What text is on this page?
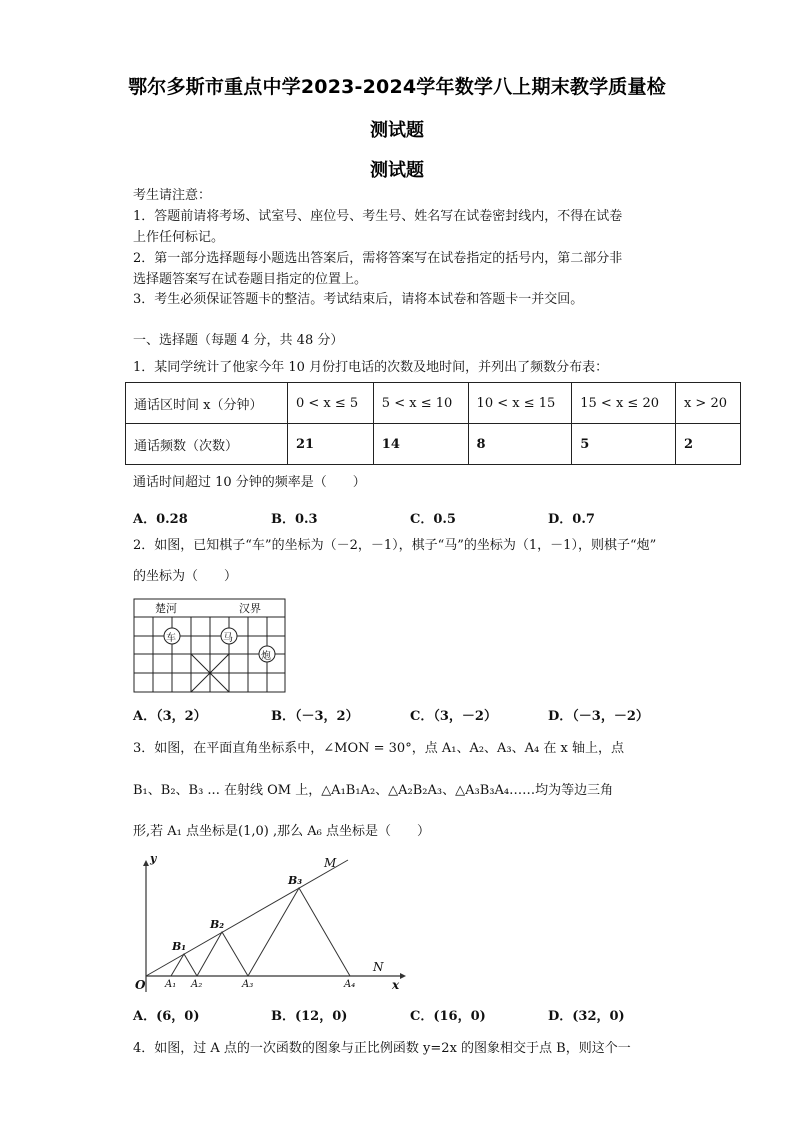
鄂尔多斯市重点中学2023-2024学年数学八上期末教学质量检
测试题
测试题
考生请注意：
1．答题前请将考场、试室号、座位号、考生号、姓名写在试卷密封线内，不得在试卷
上作任何标记。
2．第一部分选择题每小题选出答案后，需将答案写在试卷指定的括号内，第二部分非
选择题答案写在试卷题目指定的位置上。
3．考生必须保证答题卡的整洁。考试结束后，请将本试卷和答题卡一并交回。
一、选择题（每题 4 分，共 48 分）
1．某同学统计了他家今年 10 月份打电话的次数及地时间，并列出了频数分布表：
通话区时间 x（分钟）	0 < x ≤ 5	5 < x ≤ 10	10 < x ≤ 15	15 < x ≤ 20	x > 20
通话频数（次数）	21	14	8	5	2
通话时间超过 10 分钟的频率是（　　）
A．0.28	B．0.3	C．0.5	D．0.7
2．如图，已知棋子“车”的坐标为（－2，－1），棋子“马”的坐标为（1，－1），则棋子“炮”
的坐标为（　　）
楚河	汉界
车	马
炮
A．（3，2）	B．（－3，2）	C．（3，－2）	D．（－3，－2）
3．如图，在平面直角坐标系中，∠MON = 30°，点 A₁、A₂、A₃、A₄ 在 x 轴上，点
B₁、B₂、B₃ ... 在射线 OM 上，△A₁B₁A₂、△A₂B₂A₃、△A₃B₃A₄……均为等边三角
形,若 A₁ 点坐标是(1,0) ,那么 A₆ 点坐标是（　　）
y	M
N
O	x
A₁ A₂	A₃	A₄
B₁
B₂
B₃
A．(6，0)	B．(12，0)	C．(16，0)	D．(32，0)
4．如图，过 A 点的一次函数的图象与正比例函数 y=2x 的图象相交于点 B，则这个一
